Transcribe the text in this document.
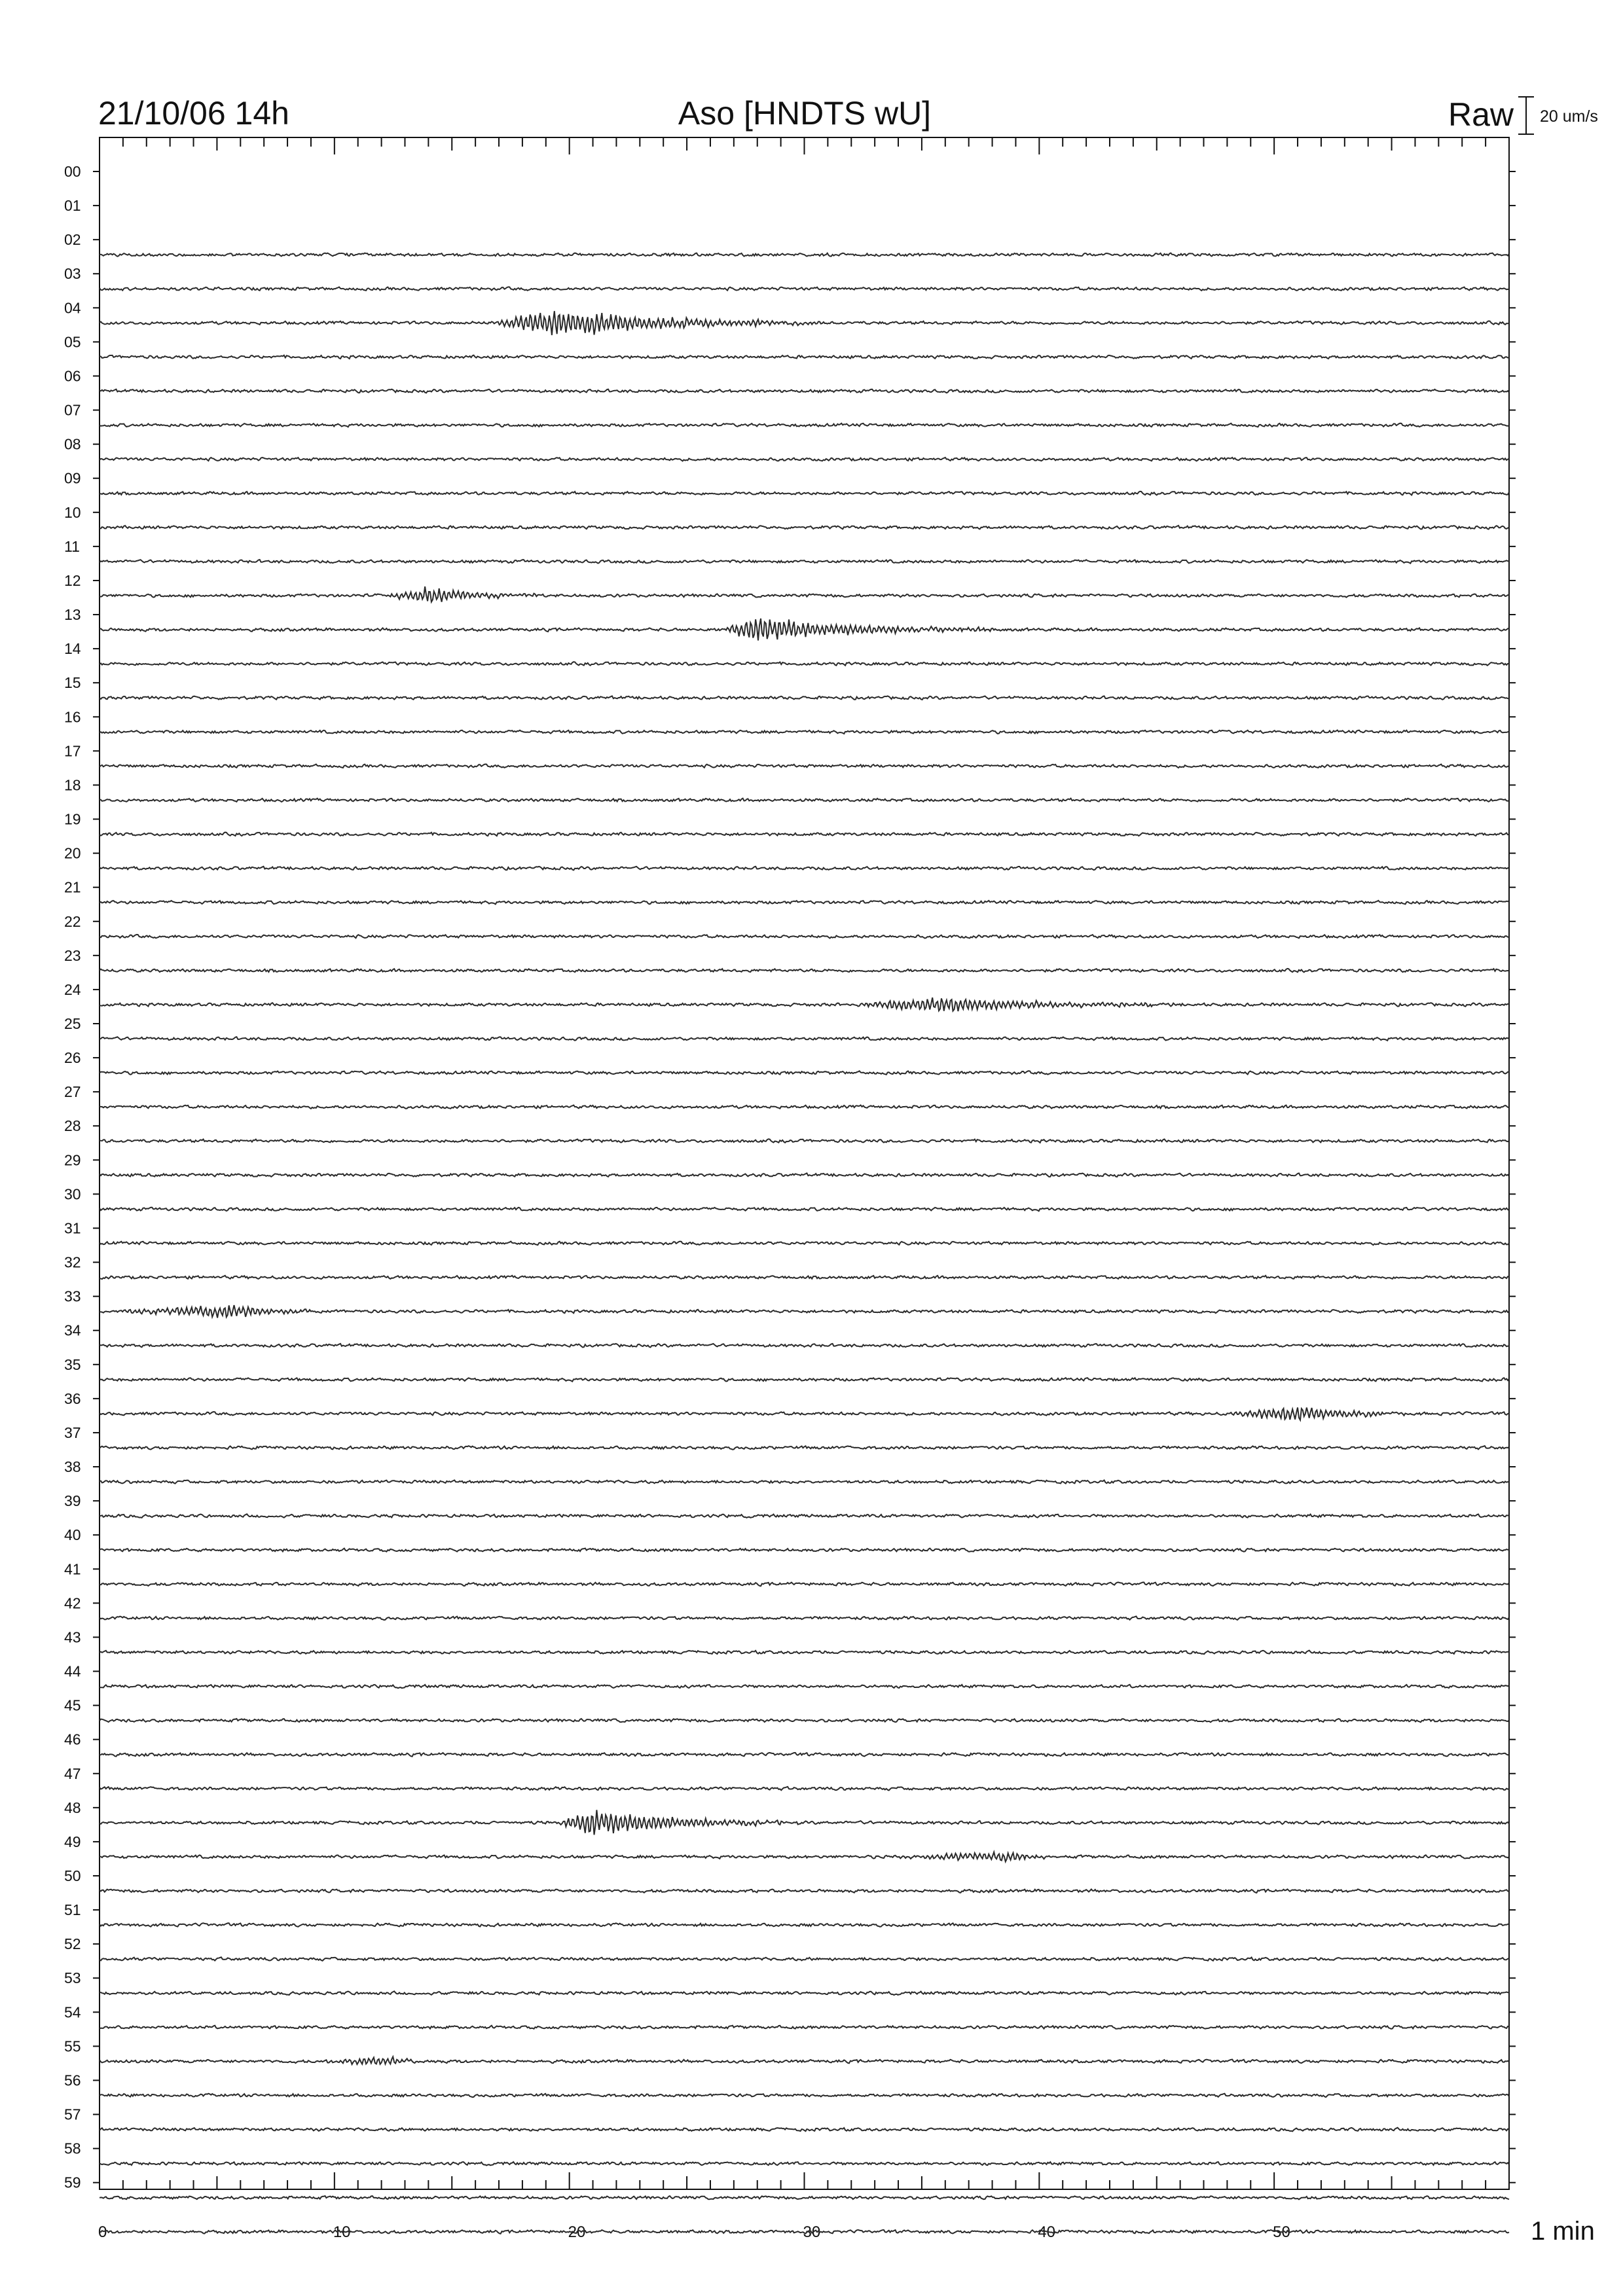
21/10/06 14h	Aso [HNDTS wU]	Raw 20 um/s
00
01
02
03
04
05
06
07
08
09
10
11
12
13
14
15
16
17
18
19
20
21
22
23
24
25
26
27
28
29
30
31
32
33
34
35
36
37
38
39
40
41
42
43
44
45
46
47
48
49
50
51
52
53
54
55
56
57
58
59
0	10	20	30	40	50	1 min
